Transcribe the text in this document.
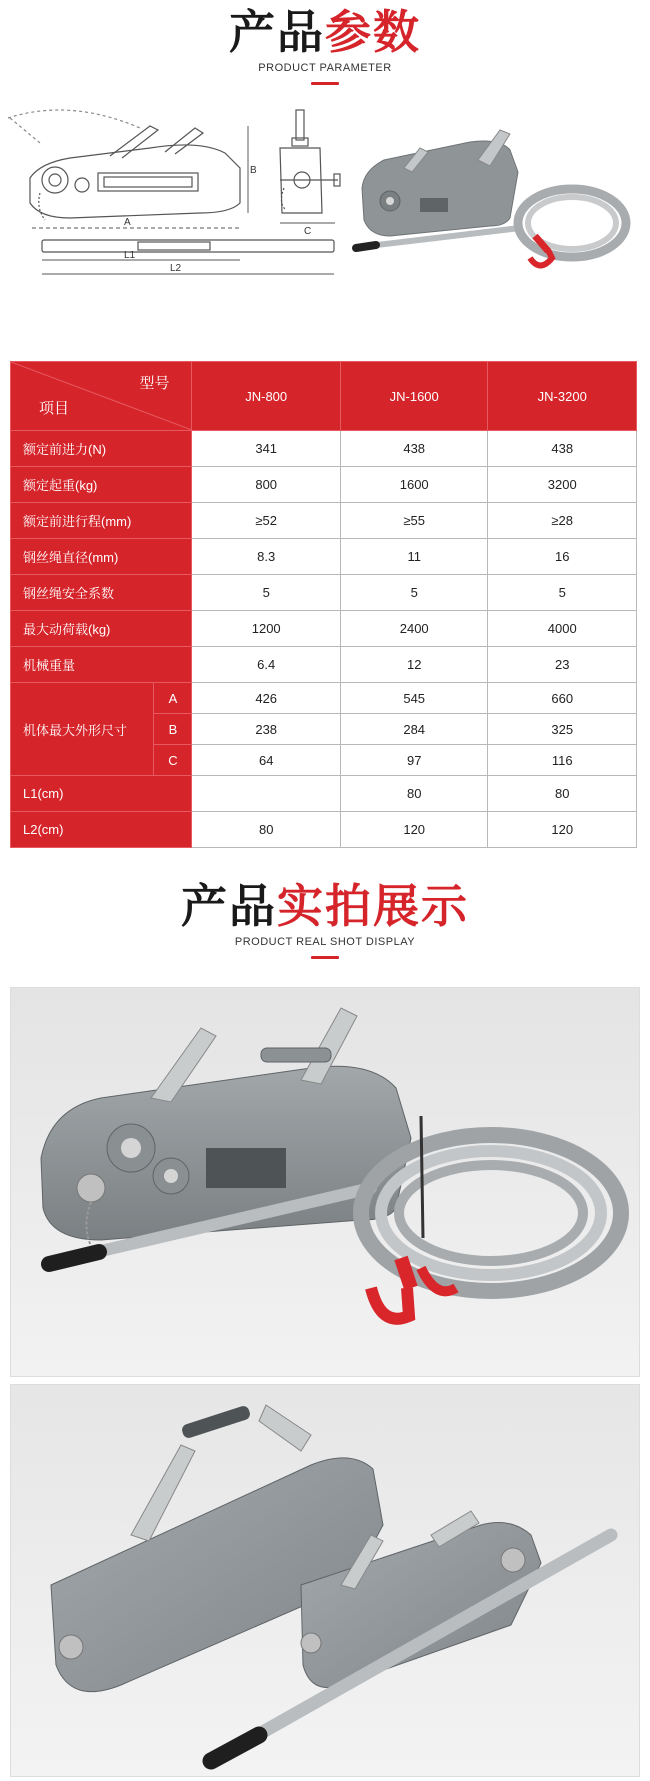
产品参数
PRODUCT PARAMETER
A
B
L1
L2
C
型号
项目		JN-800	JN-1600	JN-3200
额定前进力(N)		341	438	438
额定起重(kg)		800	1600	3200
额定前进行程(mm)		≥52	≥55	≥28
钢丝绳直径(mm)		8.3	11	16
钢丝绳安全系数		5	5	5
最大动荷载(kg)		1200	2400	4000
机械重量		6.4	12	23
机体最大外形尺寸	A	426	545	660
	B	238	284	325
	C	64	97	116
L1(cm)			80	80
L2(cm)		80	120	120
产品实拍展示
PRODUCT REAL SHOT DISPLAY
